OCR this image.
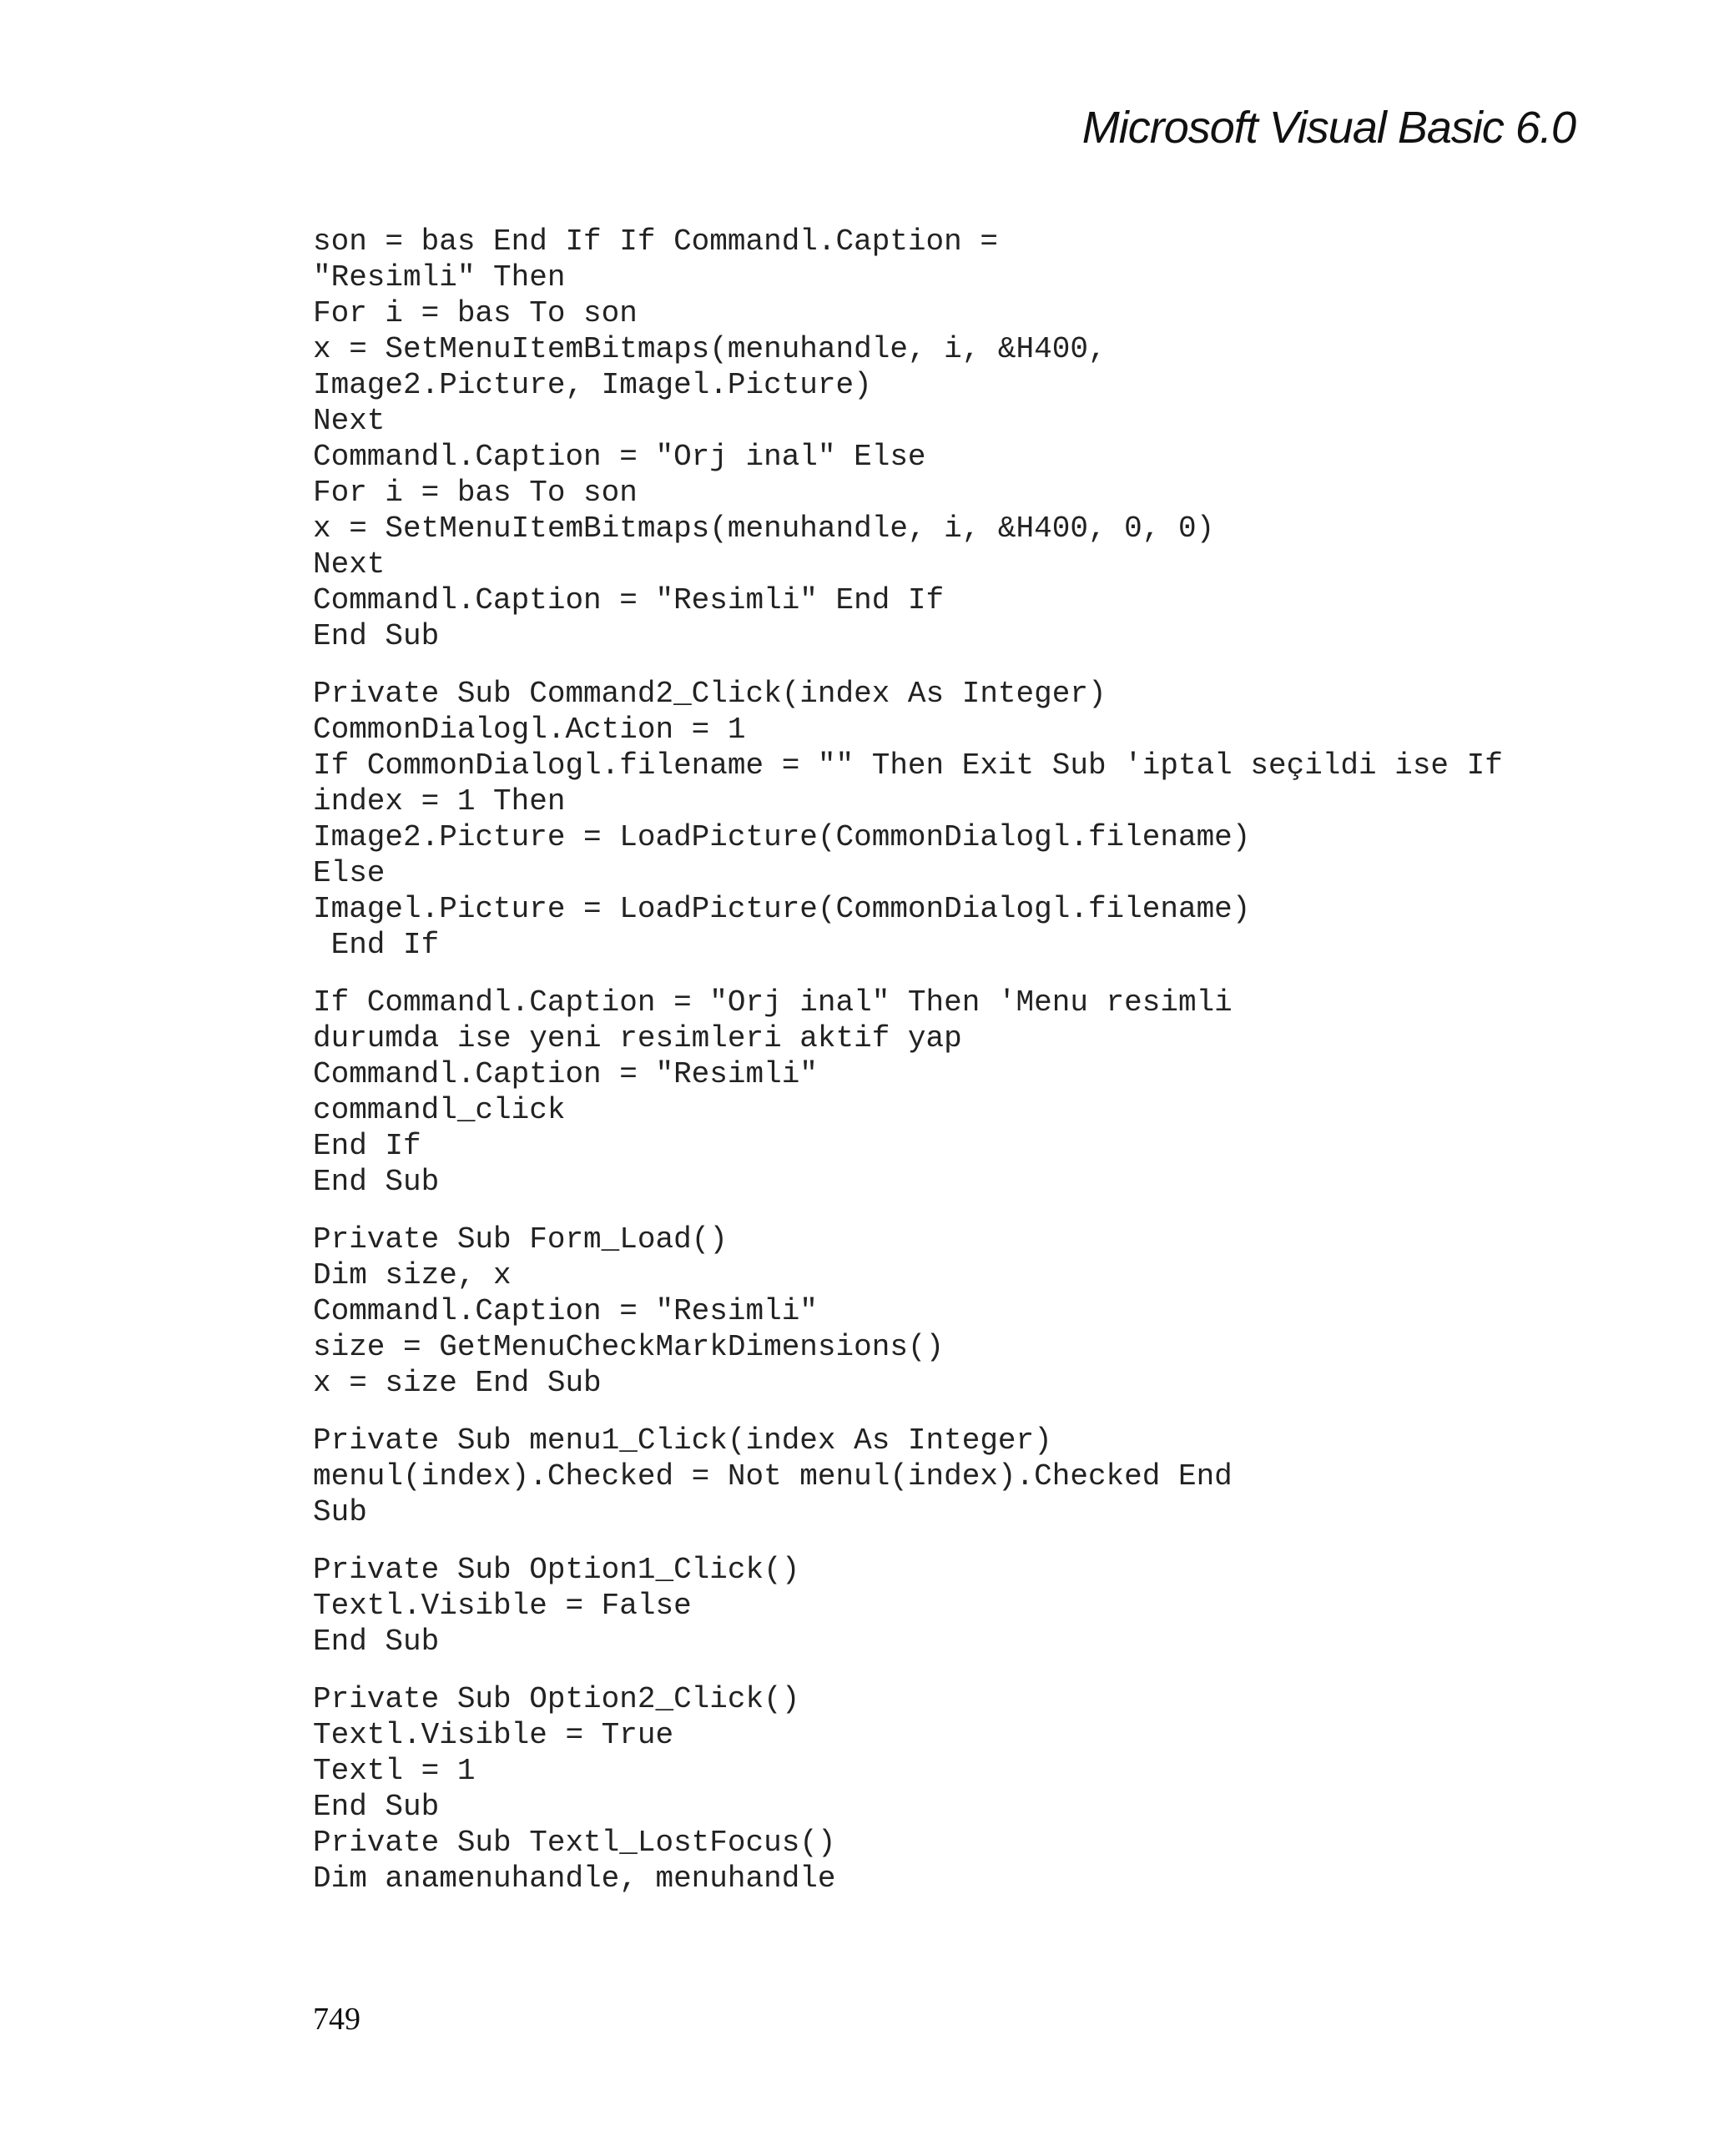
Microsoft Visual Basic 6.0
son = bas End If If Commandl.Caption =
"Resimli" Then
For i = bas To son
x = SetMenuItemBitmaps(menuhandle, i, &H400,
Image2.Picture, Imagel.Picture)
Next
Commandl.Caption = "Orj inal" Else
For i = bas To son
x = SetMenuItemBitmaps(menuhandle, i, &H400, 0, 0)
Next
Commandl.Caption = "Resimli" End If
End Sub
Private Sub Command2_Click(index As Integer)
CommonDialogl.Action = 1
If CommonDialogl.filename = "" Then Exit Sub 'iptal seçildi ise If
index = 1 Then
Image2.Picture = LoadPicture(CommonDialogl.filename)
Else
Imagel.Picture = LoadPicture(CommonDialogl.filename)
End If
If Commandl.Caption = "Orj inal" Then 'Menu resimli
durumda ise yeni resimleri aktif yap
Commandl.Caption = "Resimli"
commandl_click
End If
End Sub
Private Sub Form_Load()
Dim size, x
Commandl.Caption = "Resimli"
size = GetMenuCheckMarkDimensions()
x = size End Sub
Private Sub menu1_Click(index As Integer)
menul(index).Checked = Not menul(index).Checked End
Sub
Private Sub Option1_Click()
Textl.Visible = False
End Sub
Private Sub Option2_Click()
Textl.Visible = True
Textl = 1
End Sub
Private Sub Textl_LostFocus()
Dim anamenuhandle, menuhandle
749
